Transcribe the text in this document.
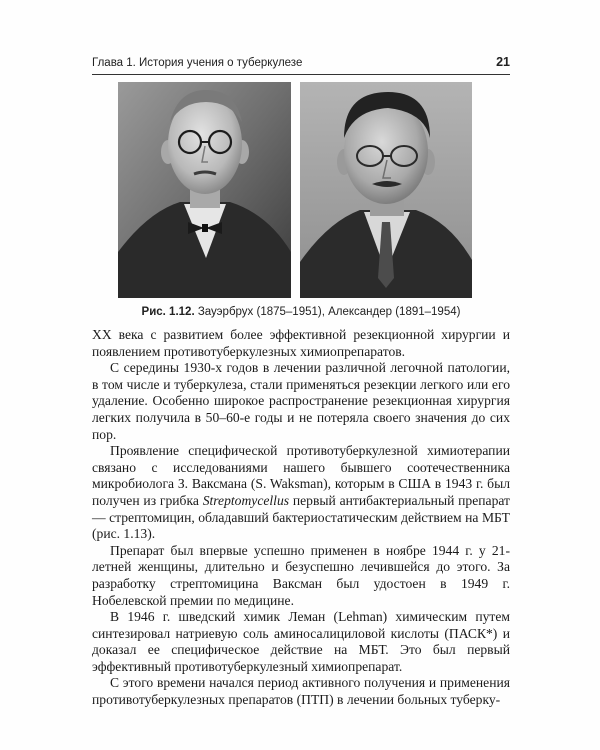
Глава 1. История учения о туберкулезе	21
Рис. 1.12. Зауэрбрух (1875–1951), Александер (1891–1954)

XX века с развитием более эффективной резекционной хирургии и появлением противотуберкулезных химиопрепаратов.

С середины 1930-х годов в лечении различной легочной патологии, в том числе и туберкулеза, стали применяться резекции легкого или его удаление. Особенно широкое распространение резекционная хирургия легких получила в 50–60-е годы и не потеряла своего значения до сих пор.

Проявление специфической противотуберкулезной химиотерапии связано с исследованиями нашего бывшего соотечественника микробиолога З. Ваксмана (S. Waksman), которым в США в 1943 г. был получен из грибка Streptomycellus первый антибактериальный препарат — стрептомицин, обладавший бактериостатическим действием на МБТ (рис. 1.13).

Препарат был впервые успешно применен в ноябре 1944 г. у 21-летней женщины, длительно и безуспешно лечившейся до этого. За разработку стрептомицина Ваксман был удостоен в 1949 г. Нобелевской премии по медицине.

В 1946 г. шведский химик Леман (Lehman) химическим путем синтезировал натриевую соль аминосалициловой кислоты (ПАСК*) и доказал ее специфическое действие на МБТ. Это был первый эффективный противотуберкулезный химиопрепарат.

С этого времени начался период активного получения и применения противотуберкулезных препаратов (ПТП) в лечении больных туберку-
